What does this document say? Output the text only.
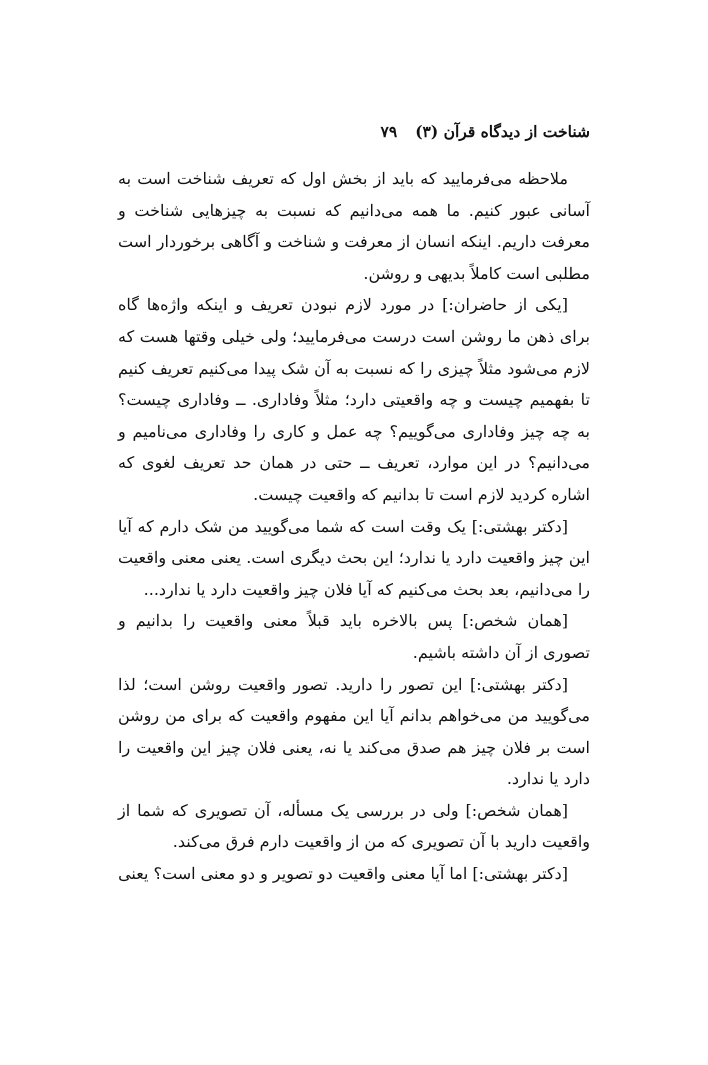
شناخت از دیدگاه قرآن (۳)
۷۹

ملاحظه می‌فرمایید که باید از بخش اول که تعریف شناخت است به آسانی عبور کنیم. ما همه می‌دانیم که نسبت به چیزهایی شناخت و معرفت داریم. اینکه انسان از معرفت و شناخت و آگاهی برخوردار است مطلبی است کاملاً بدیهی و روشن.

[یکی از حاضران:] در مورد لازم نبودن تعریف و اینکه واژه‌ها گاه برای ذهن ما روشن است درست می‌فرمایید؛ ولی خیلی وقتها هست که لازم می‌شود مثلاً چیزی را که نسبت به آن شک پیدا می‌کنیم تعریف کنیم تا بفهمیم چیست و چه واقعیتی دارد؛ مثلاً وفاداری. ــ وفاداری چیست؟ به چه چیز وفاداری می‌گوییم؟ چه عمل و کاری را وفاداری می‌نامیم و می‌دانیم؟ در این موارد، تعریف ــ حتی در همان حد تعریف لغوی که اشاره کردید لازم است تا بدانیم که واقعیت چیست.

[دکتر بهشتی:] یک وقت است که شما می‌گویید من شک دارم که آیا این چیز واقعیت دارد یا ندارد؛ این بحث دیگری است. یعنی معنی واقعیت را می‌دانیم، بعد بحث می‌کنیم که آیا فلان چیز واقعیت دارد یا ندارد...

[همان شخص:] پس بالاخره باید قبلاً معنی واقعیت را بدانیم و تصوری از آن داشته باشیم.

[دکتر بهشتی:] این تصور را دارید. تصور واقعیت روشن است؛ لذا می‌گویید من می‌خواهم بدانم آیا این مفهوم واقعیت که برای من روشن است بر فلان چیز هم صدق می‌کند یا نه، یعنی فلان چیز این واقعیت را دارد یا ندارد.

[همان شخص:] ولی در بررسی یک مسأله، آن تصویری که شما از واقعیت دارید با آن تصویری که من از واقعیت دارم فرق می‌کند.

[دکتر بهشتی:] اما آیا معنی واقعیت دو تصویر و دو معنی است؟ یعنی
